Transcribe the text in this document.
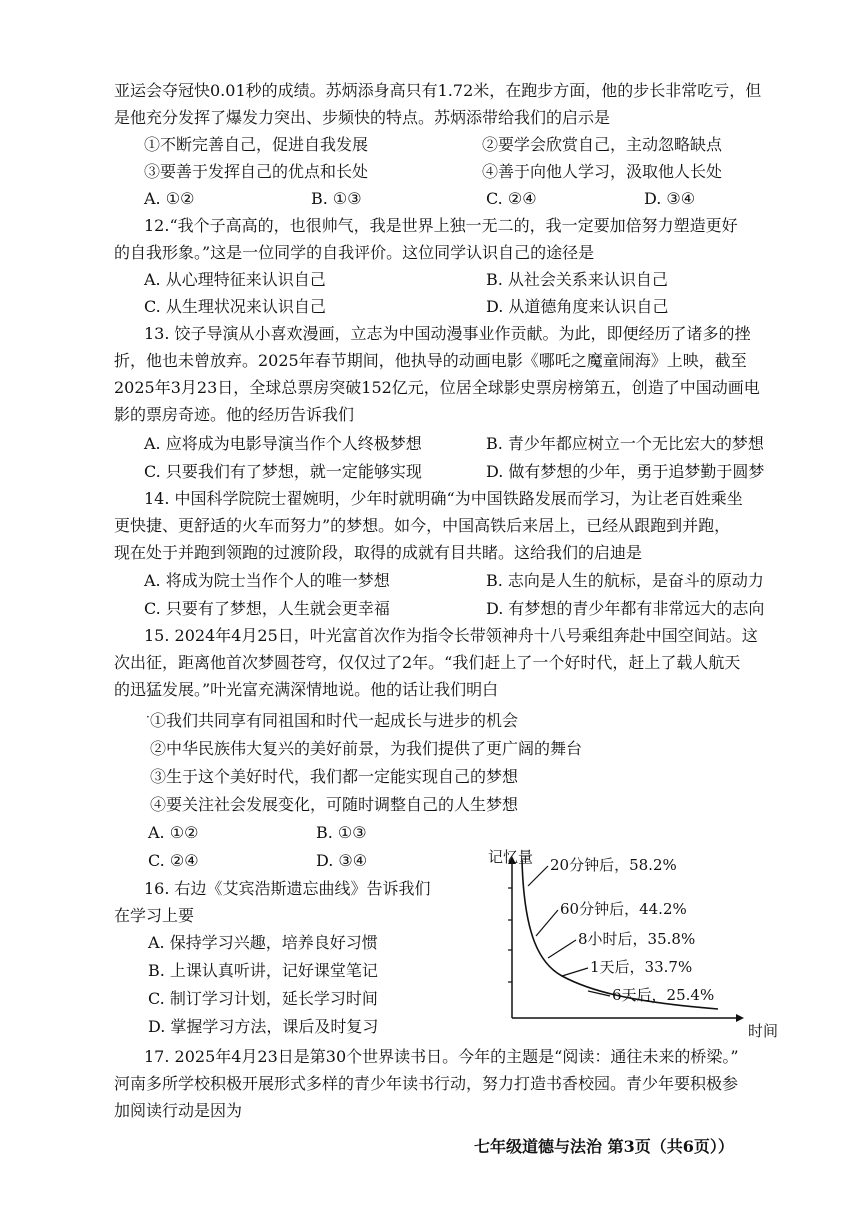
亚运会夺冠快0.01秒的成绩。苏炳添身高只有1.72米，在跑步方面，他的步长非常吃亏，但
是他充分发挥了爆发力突出、步频快的特点。苏炳添带给我们的启示是
①不断完善自己，促进自我发展	②要学会欣赏自己，主动忽略缺点
③要善于发挥自己的优点和长处	④善于向他人学习，汲取他人长处
A. ①②	B. ①③	C. ②④	D. ③④
12.“我个子高高的，也很帅气，我是世界上独一无二的，我一定要加倍努力塑造更好
的自我形象。”这是一位同学的自我评价。这位同学认识自己的途径是
A. 从心理特征来认识自己	B. 从社会关系来认识自己
C. 从生理状况来认识自己	D. 从道德角度来认识自己
13. 饺子导演从小喜欢漫画，立志为中国动漫事业作贡献。为此，即便经历了诸多的挫
折，他也未曾放弃。2025年春节期间，他执导的动画电影《哪吒之魔童闹海》上映，截至
2025年3月23日，全球总票房突破152亿元，位居全球影史票房榜第五，创造了中国动画电
影的票房奇迹。他的经历告诉我们
A. 应将成为电影导演当作个人终极梦想	B. 青少年都应树立一个无比宏大的梦想
C. 只要我们有了梦想，就一定能够实现	D. 做有梦想的少年，勇于追梦勤于圆梦
14. 中国科学院院士翟婉明，少年时就明确“为中国铁路发展而学习，为让老百姓乘坐
更快捷、更舒适的火车而努力”的梦想。如今，中国高铁后来居上，已经从跟跑到并跑，
现在处于并跑到领跑的过渡阶段，取得的成就有目共睹。这给我们的启迪是
A. 将成为院士当作个人的唯一梦想	B. 志向是人生的航标，是奋斗的原动力
C. 只要有了梦想，人生就会更幸福	D. 有梦想的青少年都有非常远大的志向
15. 2024年4月25日，叶光富首次作为指令长带领神舟十八号乘组奔赴中国空间站。这
次出征，距离他首次梦圆苍穹，仅仅过了2年。“我们赶上了一个好时代，赶上了载人航天
的迅猛发展。”叶光富充满深情地说。他的话让我们明白
· ①我们共同享有同祖国和时代一起成长与进步的机会
②中华民族伟大复兴的美好前景，为我们提供了更广阔的舞台
③生于这个美好时代，我们都一定能实现自己的梦想
④要关注社会发展变化，可随时调整自己的人生梦想
A. ①②	B. ①③
C. ②④	D. ③④
16. 右边《艾宾浩斯遗忘曲线》告诉我们
在学习上要
A. 保持学习兴趣，培养良好习惯
B. 上课认真听讲，记好课堂笔记
C. 制订学习计划，延长学习时间
D. 掌握学习方法，课后及时复习
记忆量
时间
20分钟后，58.2%
60分钟后，44.2%
8小时后，35.8%
1天后，33.7%
6天后，25.4%
17. 2025年4月23日是第30个世界读书日。今年的主题是“阅读：通往未来的桥梁。”
河南多所学校积极开展形式多样的青少年读书行动，努力打造书香校园。青少年要积极参
加阅读行动是因为
七年级道德与法治 第3页（共6页））
